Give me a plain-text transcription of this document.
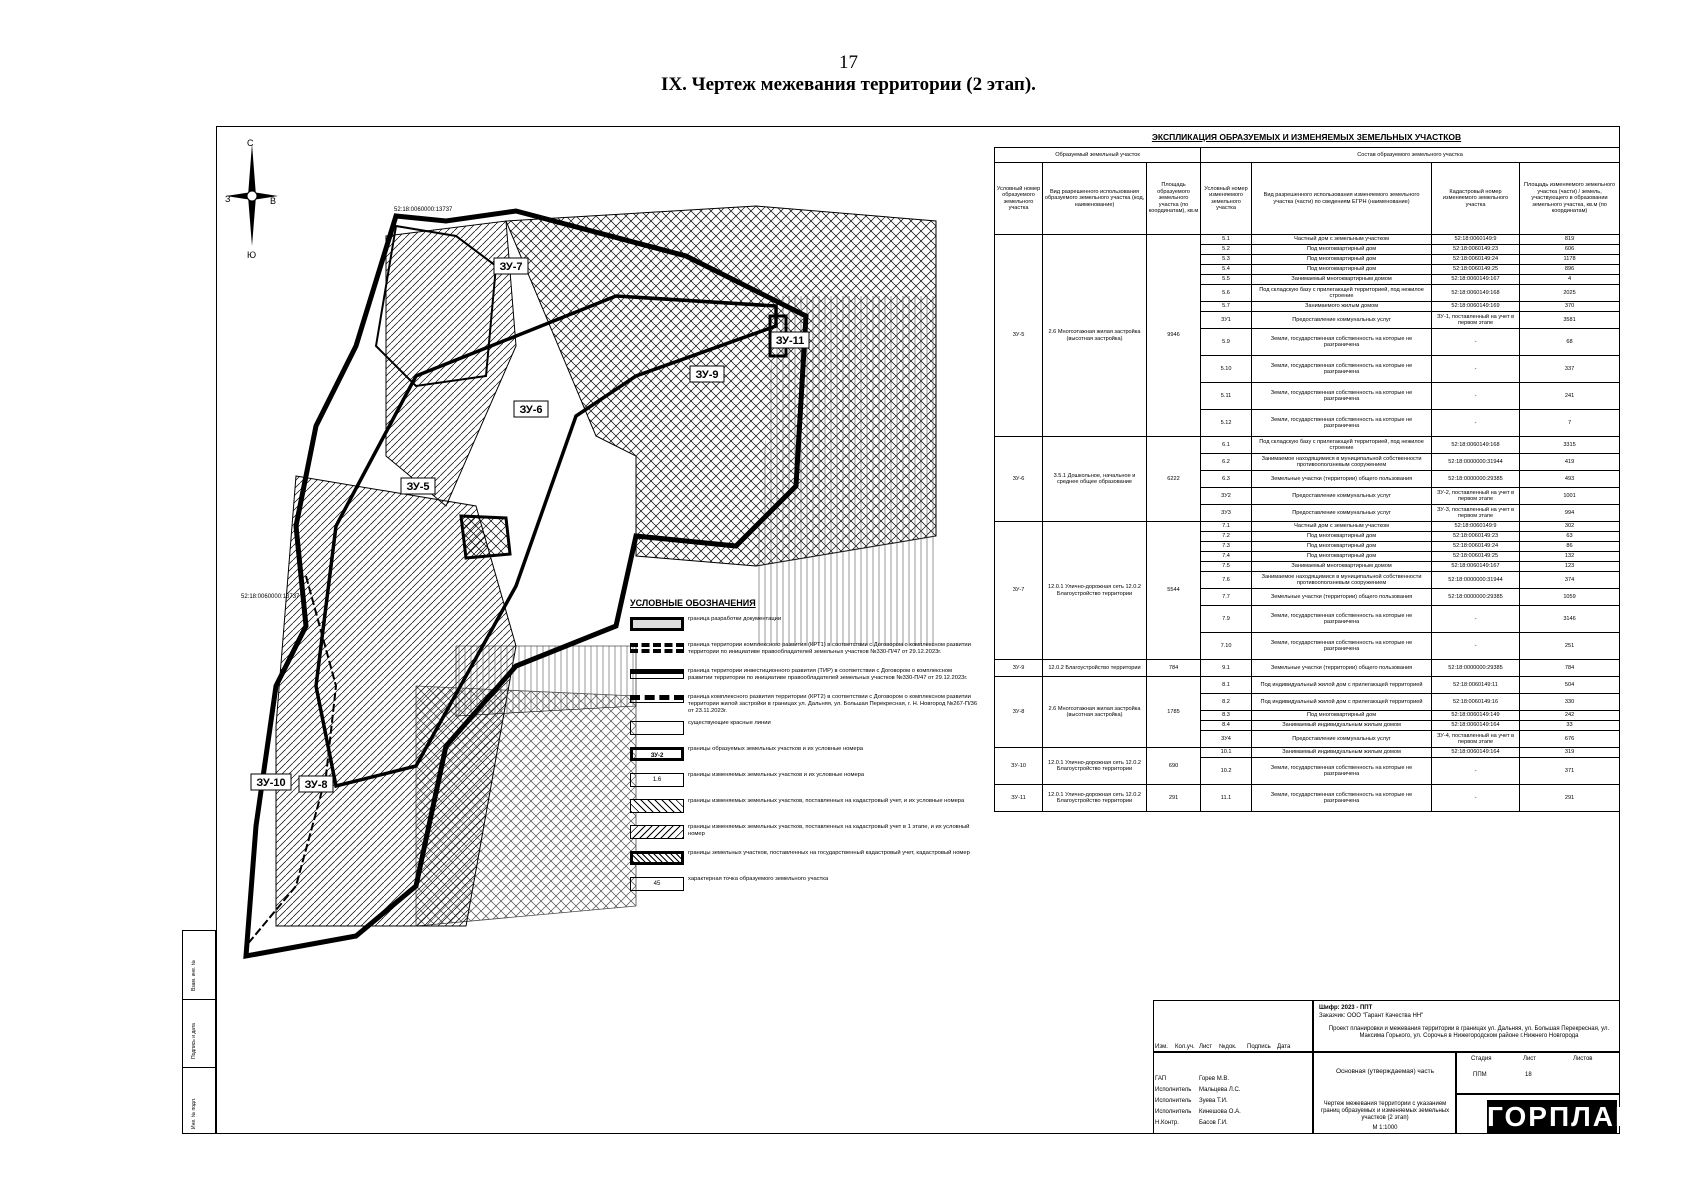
17
IX. Чертеж межевания территории (2 этап).
ЗУ-7
ЗУ-6
ЗУ-5
ЗУ-9
ЗУ-11
ЗУ-10 ЗУ-8
52:18:0060000:13737
52:18:0060000:13737
С
Ю
З	В
ЭКСПЛИКАЦИЯ ОБРАЗУЕМЫХ И ИЗМЕНЯЕМЫХ ЗЕМЕЛЬНЫХ УЧАСТКОВ
Образуемый земельный участок			Состав образуемого земельного участка			
Условный номер образуемого земельного участка	Вид разрешенного использования образуемого земельного участка (код, наименование)	Площадь образуемого земельного участка (по координатам), кв.м	Условный номер изменяемого земельного участка	Вид разрешенного использования изменяемого земельного участка (части) по сведениям ЕГРН (наименование)	Кадастровый номер изменяемого земельного участка	Площадь изменяемого земельного участка (части) / земель, участвующего в образовании земельного участка, кв.м (по координатам)
ЗУ-5	2.6 Многоэтажная жилая застройка (высотная застройка)	9946	5.1	Частный дом с земельным участком	52:18:0060149:9	819
			5.2	Под многоквартирный дом	52:18:0060149:23	606
			5.3	Под многоквартирный дом	52:18:0060149:24	1178
			5.4	Под многоквартирный дом	52:18:0060149:25	896
			5.5	Занимаемый многоквартирным домом	52:18:0060149:167	4
			5.6	Под складскую базу с прилегающей территорией, под нежилое строение	52:18:0060149:168	2025
			5.7	Занимаемого жилым домом	52:18:0060149:169	370
			3У1	Предоставление коммунальных услуг	ЗУ-1, поставленный на учет в первом этапе	3581
			5.9	Земли, государственная собственность на которые не разграничена	-	68
			5.10	Земли, государственная собственность на которые не разграничена	-	337
			5.11	Земли, государственная собственность на которые не разграничена	-	241
			5.12	Земли, государственная собственность на которые не разграничена	-	7
ЗУ-6	3.5.1 Дошкольное, начальное и среднее общее образование	6222	6.1	Под складскую базу с прилегающей территорией, под нежилое строение	52:18:0060149:168	3315
			6.2	Занимаемое находящимися в муниципальной собственности противооползневым сооружением	52:18:0000000:31944	419
			6.3	Земельные участки (территории) общего пользования	52:18:0000000:29385	493
			3У2	Предоставление коммунальных услуг	ЗУ-2, поставленный на учет в первом этапе	1001
			3У3	Предоставление коммунальных услуг	ЗУ-3, поставленный на учет в первом этапе	994
ЗУ-7	12.0.1 Улично-дорожная сеть 12.0.2 Благоустройство территории	5544	7.1	Частный дом с земельным участком	52:18:0060149:9	302
			7.2	Под многоквартирный дом	52:18:0060149:23	63
			7.3	Под многоквартирный дом	52:18:0060149:24	86
			7.4	Под многоквартирный дом	52:18:0060149:25	132
			7.5	Занимаемый многоквартирным домом	52:18:0060149:167	123
			7.6	Занимаемое находящимися в муниципальной собственности противооползневым сооружением	52:18:0000000:31944	374
			7.7	Земельные участки (территории) общего пользования	52:18:0000000:29385	1059
			7.9	Земли, государственная собственность на которые не разграничена	-	3146
			7.10	Земли, государственная собственность на которые не разграничена	-	251
ЗУ-9	12.0.2 Благоустройство территории	784	9.1	Земельные участки (территории) общего пользования	52:18:0000000:29385	784
ЗУ-8	2.6 Многоэтажная жилая застройка (высотная застройка)	1785	8.1	Под индивидуальный жилой дом с прилегающей территорией	52:18:0060149:11	504
			8.2	Под индивидуальный жилой дом с прилегающей территорией	52:18:0060149:16	330
			8.3	Под многоквартирный дом	52:18:0060149:149	242
			8.4	Занимаемый индивидуальным жилым домом	52:18:0060149:164	33
			3У4	Предоставление коммунальных услуг	ЗУ-4, поставленный на учет в первом этапе	676
ЗУ-10	12.0.1 Улично-дорожная сеть 12.0.2 Благоустройство территории	690	10.1	Занимаемый индивидуальным жилым домом	52:18:0060149:164	319
			10.2	Земли, государственная собственность на которые не разграничена	-	371
ЗУ-11	12.0.1 Улично-дорожная сеть 12.0.2 Благоустройство территории	291	11.1	Земли, государственная собственность на которые не разграничена	-	291
УСЛОВНЫЕ ОБОЗНАЧЕНИЯ
граница разработки документации
граница территории комплексного развития (КРТ1) в соответствии с Договором о комплексном развитии территории по инициативе правообладателей земельных участков №330-П/47 от 29.12.2023г.
граница территории инвестиционного развития (ТИР) в соответствии с Договором о комплексном развитии территории по инициативе правообладателей земельных участков №330-П/47 от 29.12.2023г.
граница комплексного развития территории (КРТ2) в соответствии с Договором о комплексном развитии территории жилой застройки в границах ул. Дальняя, ул. Большая Перекресная, г. Н. Новгород №267-П/36 от 23.11.2023г.
существующие красные линии
ЗУ-2
границы образуемых земельных участков и их условные номера
1.6
границы изменяемых земельных участков и их условные номера
границы изменяемых земельных участков, поставленных на кадастровый учет, и их условные номера
границы изменяемых земельных участков, поставленных на кадастровый учет в 1 этапе, и их условный номер
границы земельных участков, поставленных на государственный кадастровый учет, кадастровый номер
45
характерная точка образуемого земельного участка
Взам. инв. №
Подпись и дата
Инв. № подл.
Шифр: 2023 - ППТ
Заказчик: ООО "Гарант Качества НН"
Проект планировки и межевания территории в границах ул. Дальняя, ул. Большая Перекресная, ул. Максима Горького, ул. Сорочья в Нижегородском районе г.Нижнего Новгорода
Изм. Кол.уч. Лист №док. Подпись Дата
ГАП	Горев М.В.
Исполнитель Мальцева Л.С.
Исполнитель Зуева Т.И.
Исполнитель Кинешова О.А.
Н.Контр.	Басов Г.И.
Основная (утверждаемая) часть
Чертеж межевания территории с указанием границ образуемых и изменяемых земельных участков (2 этап)
М 1:1000
Стадия	Лист	Листов
ППМ	18
ГОРПЛАН
